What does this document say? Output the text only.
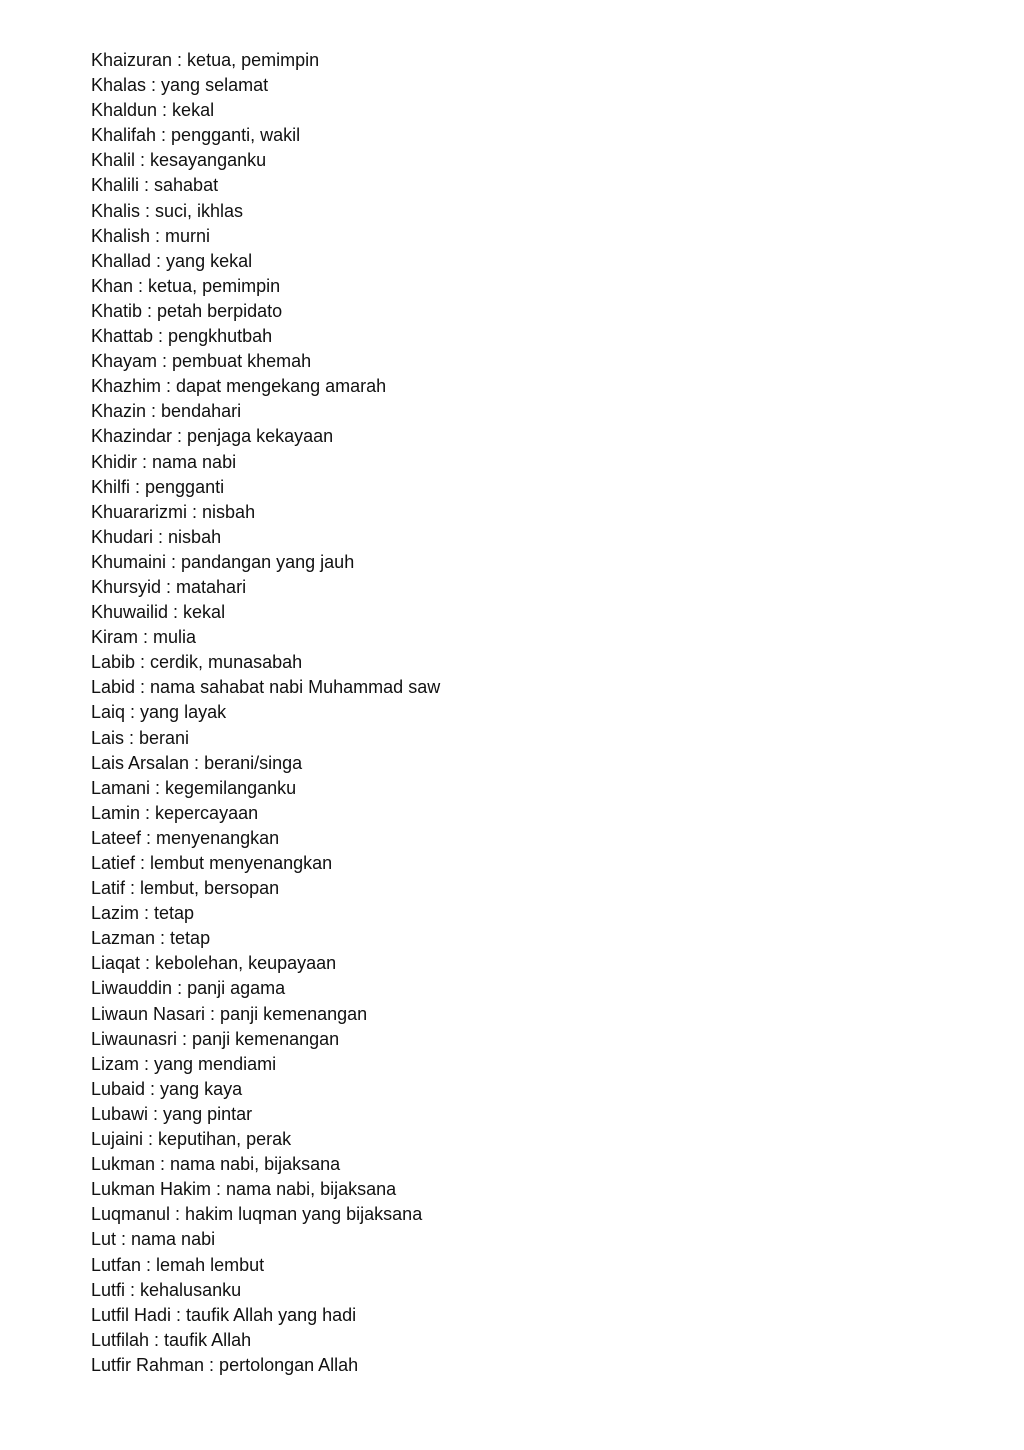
Khaizuran : ketua, pemimpin
Khalas : yang selamat
Khaldun : kekal
Khalifah : pengganti, wakil
Khalil : kesayanganku
Khalili : sahabat
Khalis : suci, ikhlas
Khalish : murni
Khallad : yang kekal
Khan : ketua, pemimpin
Khatib : petah berpidato
Khattab : pengkhutbah
Khayam : pembuat khemah
Khazhim : dapat mengekang amarah
Khazin : bendahari
Khazindar : penjaga kekayaan
Khidir : nama nabi
Khilfi : pengganti
Khuararizmi : nisbah
Khudari : nisbah
Khumaini : pandangan yang jauh
Khursyid : matahari
Khuwailid : kekal
Kiram : mulia
Labib : cerdik, munasabah
Labid : nama sahabat nabi Muhammad saw
Laiq : yang layak
Lais : berani
Lais Arsalan : berani/singa
Lamani : kegemilanganku
Lamin : kepercayaan
Lateef : menyenangkan
Latief : lembut menyenangkan
Latif : lembut, bersopan
Lazim : tetap
Lazman : tetap
Liaqat : kebolehan, keupayaan
Liwauddin : panji agama
Liwaun Nasari : panji kemenangan
Liwaunasri : panji kemenangan
Lizam : yang mendiami
Lubaid : yang kaya
Lubawi : yang pintar
Lujaini : keputihan, perak
Lukman : nama nabi, bijaksana
Lukman Hakim : nama nabi, bijaksana
Luqmanul : hakim luqman yang bijaksana
Lut : nama nabi
Lutfan : lemah lembut
Lutfi : kehalusanku
Lutfil Hadi : taufik Allah yang hadi
Lutfilah : taufik Allah
Lutfir Rahman : pertolongan Allah
